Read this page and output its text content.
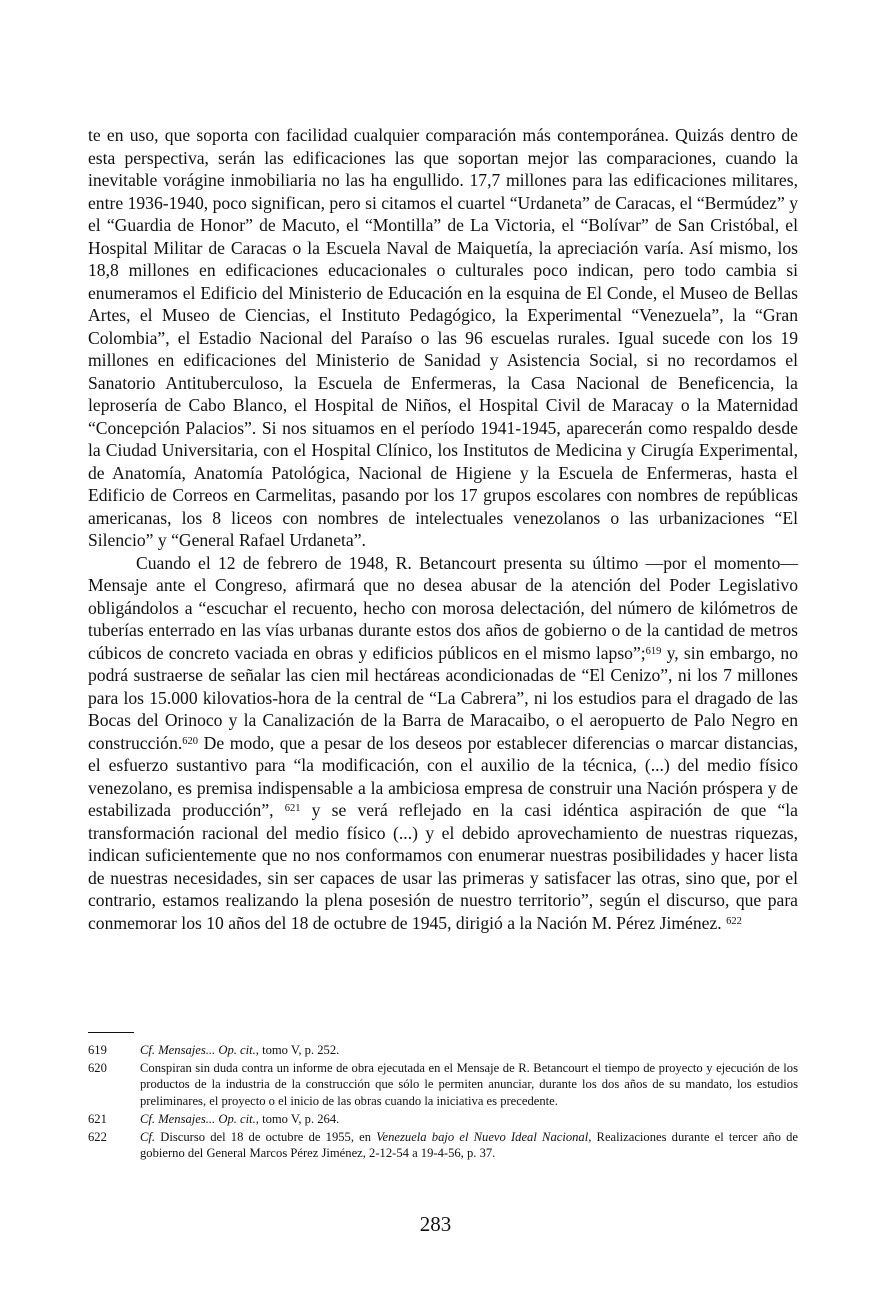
te en uso, que soporta con facilidad cualquier comparación más contemporánea. Quizás dentro de esta perspectiva, serán las edificaciones las que soportan mejor las comparaciones, cuando la inevitable vorágine inmobiliaria no las ha engullido. 17,7 millones para las edificaciones militares, entre 1936-1940, poco significan, pero si citamos el cuartel “Urdaneta” de Caracas, el “Bermúdez” y el “Guardia de Honor” de Macuto, el “Montilla” de La Victoria, el “Bolívar” de San Cristóbal, el Hospital Militar de Caracas o la Escuela Naval de Maiquetía, la apreciación varía. Así mismo, los 18,8 millones en edificaciones educacionales o culturales poco indican, pero todo cambia si enumeramos el Edificio del Ministerio de Educación en la esquina de El Conde, el Museo de Bellas Artes, el Museo de Ciencias, el Instituto Pedagógico, la Experimental “Venezuela”, la “Gran Colombia”, el Estadio Nacional del Paraíso o las 96 escuelas rurales. Igual sucede con los 19 millones en edificaciones del Ministerio de Sanidad y Asistencia Social, si no recordamos el Sanatorio Antituberculoso, la Escuela de Enfermeras, la Casa Nacional de Beneficencia, la leprosería de Cabo Blanco, el Hospital de Niños, el Hospital Civil de Maracay o la Maternidad “Concepción Palacios”. Si nos situamos en el período 1941-1945, aparecerán como respaldo desde la Ciudad Universitaria, con el Hospital Clínico, los Institutos de Medicina y Cirugía Experimental, de Anatomía, Anatomía Patológica, Nacional de Higiene y la Escuela de Enfermeras, hasta el Edificio de Correos en Carmelitas, pasando por los 17 grupos escolares con nombres de repúblicas americanas, los 8 liceos con nombres de intelectuales venezolanos o las urbanizaciones “El Silencio” y “General Rafael Urdaneta”.

Cuando el 12 de febrero de 1948, R. Betancourt presenta su último —por el momento— Mensaje ante el Congreso, afirmará que no desea abusar de la atención del Poder Legislativo obligándolos a “escuchar el recuento, hecho con morosa delectación, del número de kilómetros de tuberías enterrado en las vías urbanas durante estos dos años de gobierno o de la cantidad de metros cúbicos de concreto vaciada en obras y edificios públicos en el mismo lapso”;$^{619}$ y, sin embargo, no podrá sustraerse de señalar las cien mil hectáreas acondicionadas de “El Cenizo”, ni los 7 millones para los 15.000 kilovatios-hora de la central de “La Cabrera”, ni los estudios para el dragado de las Bocas del Orinoco y la Canalización de la Barra de Maracaibo, o el aeropuerto de Palo Negro en construcción.$^{620}$ De modo, que a pesar de los deseos por establecer diferencias o marcar distancias, el esfuerzo sustantivo para “la modificación, con el auxilio de la técnica, (...) del medio físico venezolano, es premisa indispensable a la ambiciosa empresa de construir una Nación próspera y de estabilizada producción”, $^{621}$ y se verá reflejado en la casi idéntica aspiración de que “la transformación racional del medio físico (...) y el debido aprovechamiento de nuestras riquezas, indican suficientemente que no nos conformamos con enumerar nuestras posibilidades y hacer lista de nuestras necesidades, sin ser capaces de usar las primeras y satisfacer las otras, sino que, por el contrario, estamos realizando la plena posesión de nuestro territorio”, según el discurso, que para conmemorar los 10 años del 18 de octubre de 1945, dirigió a la Nación M. Pérez Jiménez. $^{622}$

619	Cf. Mensajes... Op. cit., tomo V, p. 252.
620	Conspiran sin duda contra un informe de obra ejecutada en el Mensaje de R. Betancourt el tiempo de proyecto y ejecución de los productos de la industria de la construcción que sólo le permiten anunciar, durante los dos años de su mandato, los estudios preliminares, el proyecto o el inicio de las obras cuando la iniciativa es precedente.
621	Cf. Mensajes... Op. cit., tomo V, p. 264.
622	Cf. Discurso del 18 de octubre de 1955, en Venezuela bajo el Nuevo Ideal Nacional, Realizaciones durante el tercer año de gobierno del General Marcos Pérez Jiménez, 2-12-54 a 19-4-56, p. 37.
283
